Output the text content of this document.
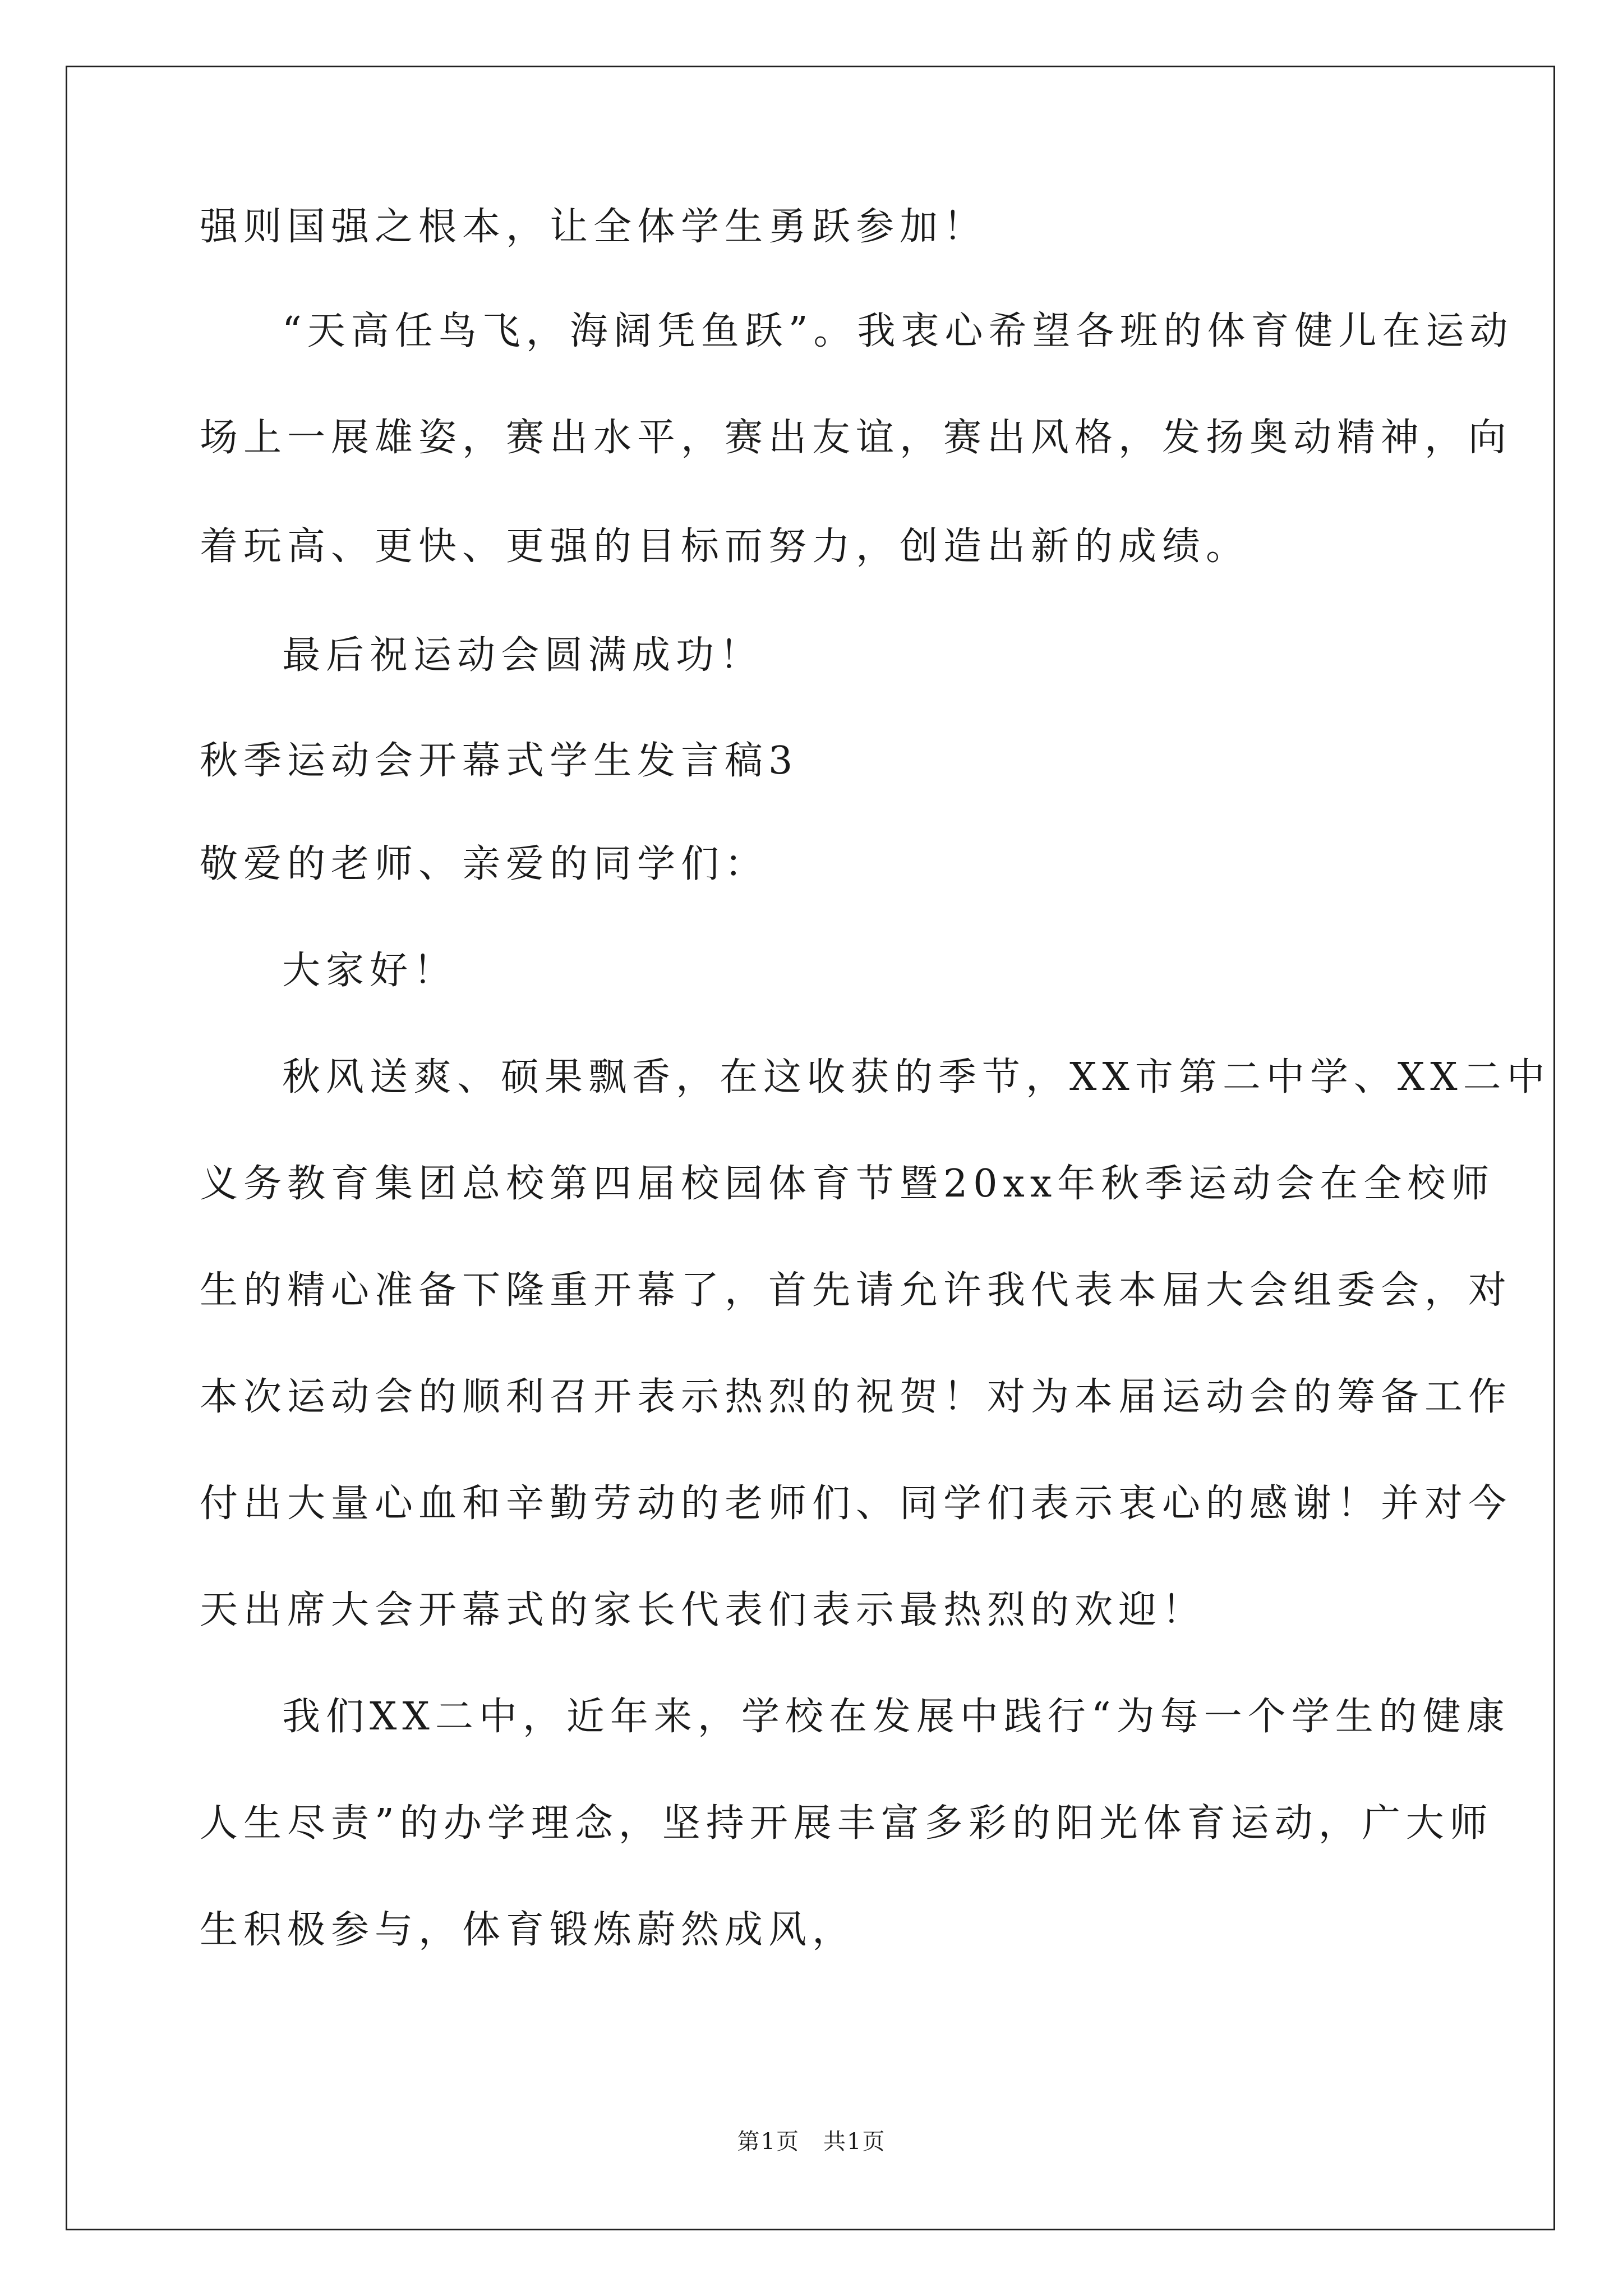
强则国强之根本，让全体学生勇跃参加！
“天高任鸟飞，海阔凭鱼跃”。我衷心希望各班的体育健儿在运动
场上一展雄姿，赛出水平，赛出友谊，赛出风格，发扬奥动精神，向
着玩高、更快、更强的目标而努力，创造出新的成绩。
最后祝运动会圆满成功！
秋季运动会开幕式学生发言稿3
敬爱的老师、亲爱的同学们：
大家好！
秋风送爽、硕果飘香，在这收获的季节，XX市第二中学、XX二中
义务教育集团总校第四届校园体育节暨20xx年秋季运动会在全校师
生的精心准备下隆重开幕了，首先请允许我代表本届大会组委会，对
本次运动会的顺利召开表示热烈的祝贺！对为本届运动会的筹备工作
付出大量心血和辛勤劳动的老师们、同学们表示衷心的感谢！并对今
天出席大会开幕式的家长代表们表示最热烈的欢迎！
我们XX二中，近年来，学校在发展中践行“为每一个学生的健康
人生尽责”的办学理念，坚持开展丰富多彩的阳光体育运动，广大师
生积极参与，体育锻炼蔚然成风，
第1页　共1页
